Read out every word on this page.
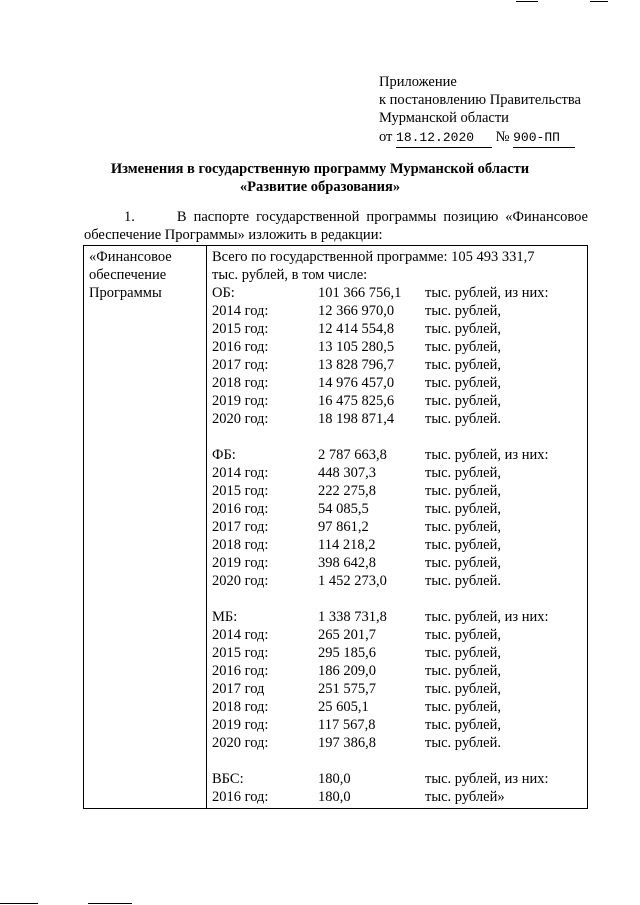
Приложение
к постановлению Правительства
Мурманской области
от 18.12.2020 № 900-ПП
Изменения в государственную программу Мурманской области
«Развитие образования»
1.	В паспорте государственной программы позицию «Финансовое
обеспечение Программы» изложить в редакции:
«Финансовое
обеспечение
Программы

Всего по государственной программе: 105 493 331,7
тыс. рублей, в том числе:
ОБ:	101 366 756,1	тыс. рублей, из них:
2014 год:	12 366 970,0	тыс. рублей,
2015 год:	12 414 554,8	тыс. рублей,
2016 год:	13 105 280,5	тыс. рублей,
2017 год:	13 828 796,7	тыс. рублей,
2018 год:	14 976 457,0	тыс. рублей,
2019 год:	16 475 825,6	тыс. рублей,
2020 год:	18 198 871,4	тыс. рублей.
ФБ:	2 787 663,8	тыс. рублей, из них:
2014 год:	448 307,3	тыс. рублей,
2015 год:	222 275,8	тыс. рублей,
2016 год:	54 085,5	тыс. рублей,
2017 год:	97 861,2	тыс. рублей,
2018 год:	114 218,2	тыс. рублей,
2019 год:	398 642,8	тыс. рублей,
2020 год:	1 452 273,0	тыс. рублей.
МБ:	1 338 731,8	тыс. рублей, из них:
2014 год:	265 201,7	тыс. рублей,
2015 год:	295 185,6	тыс. рублей,
2016 год:	186 209,0	тыс. рублей,
2017 год	251 575,7	тыс. рублей,
2018 год:	25 605,1	тыс. рублей,
2019 год:	117 567,8	тыс. рублей,
2020 год:	197 386,8	тыс. рублей.
ВБС:	180,0	тыс. рублей, из них:
2016 год:	180,0	тыс. рублей»
